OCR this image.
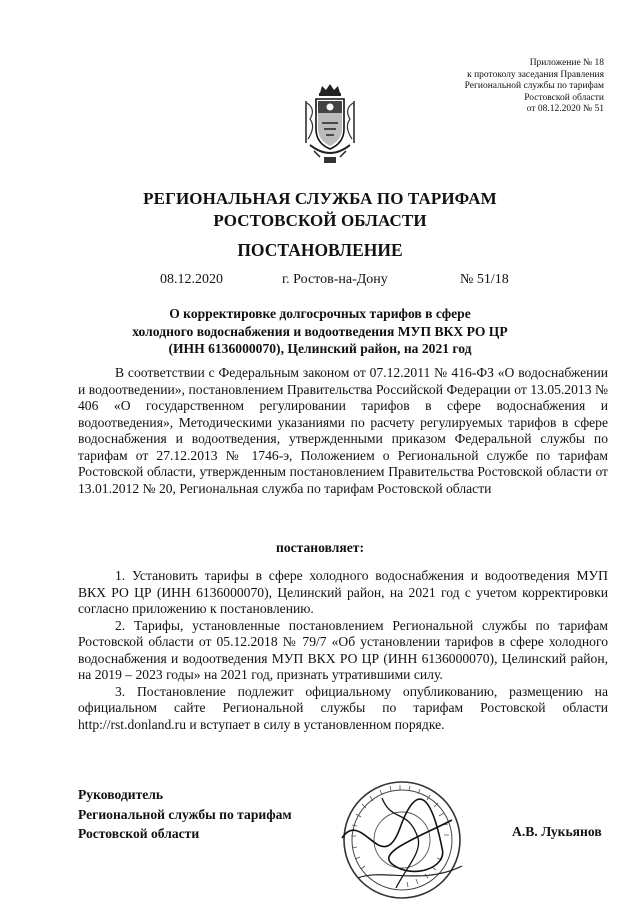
Приложение № 18
к протоколу заседания Правления
Региональной службы по тарифам
Ростовской области
от 08.12.2020 № 51
РЕГИОНАЛЬНАЯ СЛУЖБА ПО ТАРИФАМ
РОСТОВСКОЙ ОБЛАСТИ
ПОСТАНОВЛЕНИЕ
08.12.2020	г. Ростов-на-Дону	№ 51/18
О корректировке долгосрочных тарифов в сфере
холодного водоснабжения и водоотведения МУП ВКХ РО ЦР
(ИНН 6136000070), Целинский район, на 2021 год

В соответствии с Федеральным законом от 07.12.2011 № 416-ФЗ «О водоснабжении и водоотведении», постановлением Правительства Российской Федерации от 13.05.2013 № 406 «О государственном регулировании тарифов в сфере водоснабжения и водоотведения», Методическими указаниями по расчету регулируемых тарифов в сфере водоснабжения и водоотведения, утвержденными приказом Федеральной службы по тарифам от 27.12.2013 № 1746-э, Положением о Региональной службе по тарифам Ростовской области, утвержденным постановлением Правительства Ростовской области от 13.01.2012 № 20, Региональная служба по тарифам Ростовской области

постановляет:

1. Установить тарифы в сфере холодного водоснабжения и водоотведения МУП ВКХ РО ЦР (ИНН 6136000070), Целинский район, на 2021 год с учетом корректировки согласно приложению к постановлению.

2. Тарифы, установленные постановлением Региональной службы по тарифам Ростовской области от 05.12.2018 № 79/7 «Об установлении тарифов в сфере холодного водоснабжения и водоотведения МУП ВКХ РО ЦР (ИНН 6136000070), Целинский район, на 2019 – 2023 годы» на 2021 год, признать утратившими силу.

3. Постановление подлежит официальному опубликованию, размещению на официальном сайте Региональной службы по тарифам Ростовской области http://rst.donland.ru и вступает в силу в установленном порядке.

Руководитель
Региональной службы по тарифам
Ростовской области	А.В. Лукьянов
